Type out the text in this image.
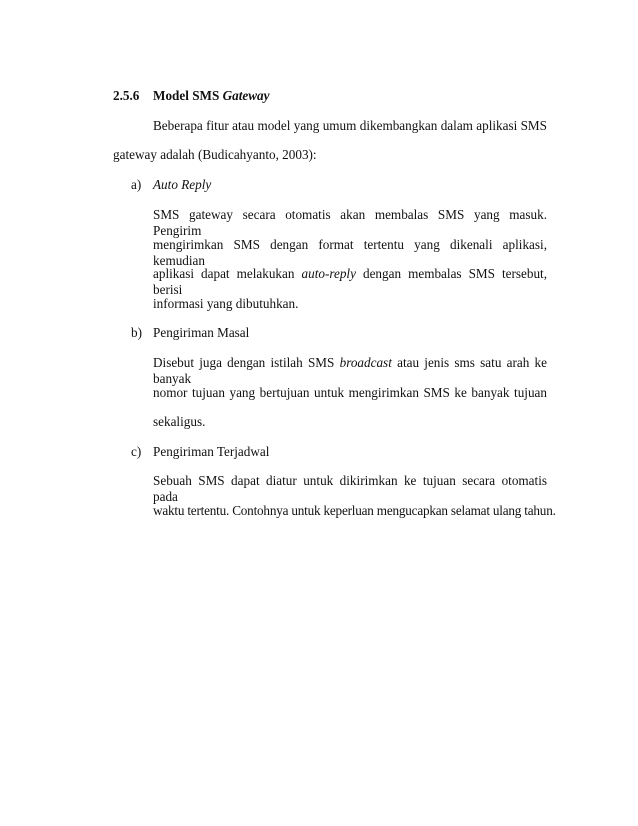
2.5.6 Model SMS Gateway
Beberapa fitur atau model yang umum dikembangkan dalam aplikasi SMS
gateway adalah (Budicahyanto, 2003):
a) Auto Reply
SMS gateway secara otomatis akan membalas SMS yang masuk. Pengirim
mengirimkan SMS dengan format tertentu yang dikenali aplikasi, kemudian
aplikasi dapat melakukan auto-reply dengan membalas SMS tersebut, berisi
informasi yang dibutuhkan.
b) Pengiriman Masal
Disebut juga dengan istilah SMS broadcast atau jenis sms satu arah ke banyak
nomor tujuan yang bertujuan untuk mengirimkan SMS ke banyak tujuan
sekaligus.
c) Pengiriman Terjadwal
Sebuah SMS dapat diatur untuk dikirimkan ke tujuan secara otomatis pada
waktu tertentu. Contohnya untuk keperluan mengucapkan selamat ulang tahun.
